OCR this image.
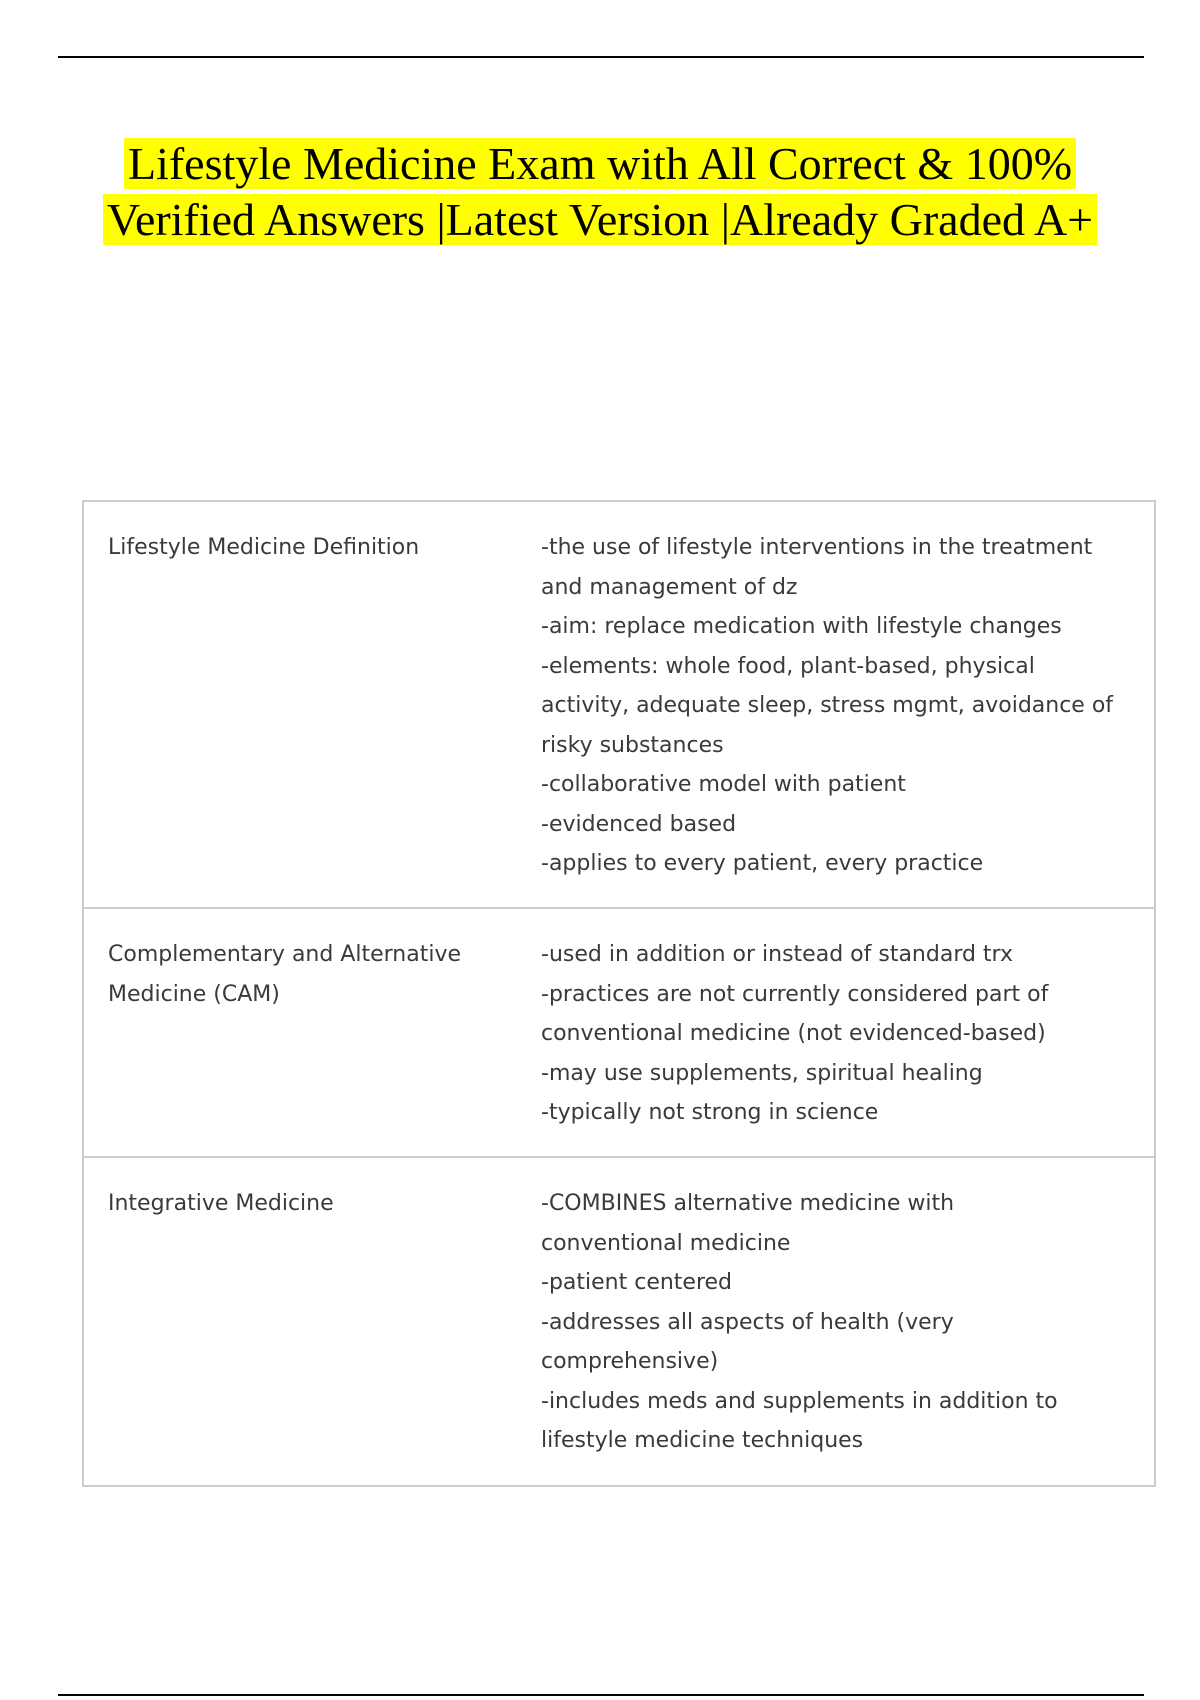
Lifestyle Medicine Exam with All Correct & 100%
Verified Answers |Latest Version |Already Graded A+
Lifestyle Medicine Definition	-the use of lifestyle interventions in the treatment
and management of dz
-aim: replace medication with lifestyle changes
-elements: whole food, plant-based, physical
activity, adequate sleep, stress mgmt, avoidance of
risky substances
-collaborative model with patient
-evidenced based
-applies to every patient, every practice
Complementary and Alternative
Medicine (CAM)
-used in addition or instead of standard trx
-practices are not currently considered part of
conventional medicine (not evidenced-based)
-may use supplements, spiritual healing
-typically not strong in science
Integrative Medicine	-COMBINES alternative medicine with
conventional medicine
-patient centered
-addresses all aspects of health (very
comprehensive)
-includes meds and supplements in addition to
lifestyle medicine techniques
